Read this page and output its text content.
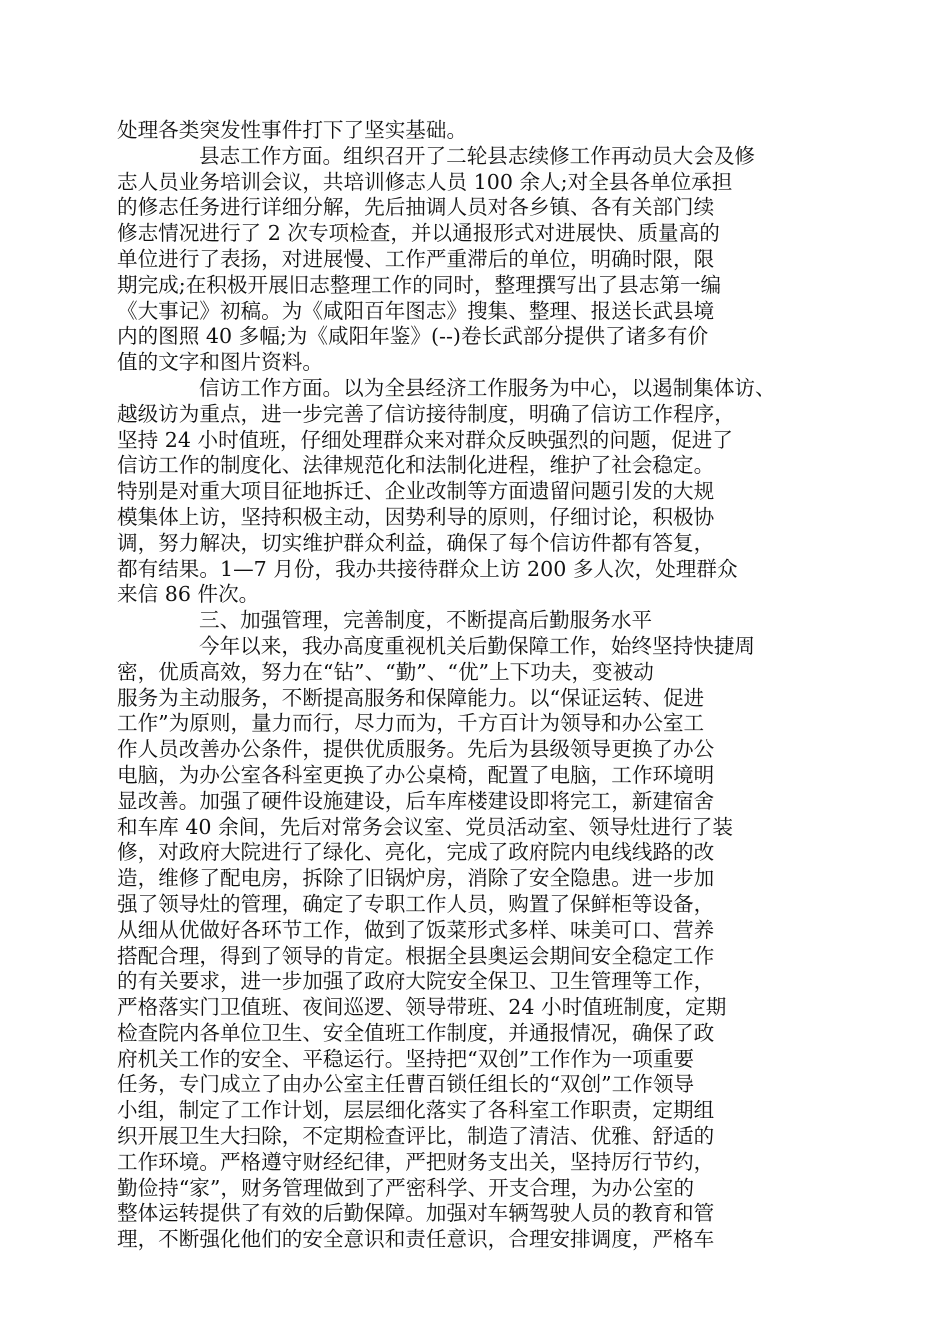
处理各类突发性事件打下了坚实基础。
县志工作方面。组织召开了二轮县志续修工作再动员大会及修
志人员业务培训会议，共培训修志人员 100 余人;对全县各单位承担
的修志任务进行详细分解，先后抽调人员对各乡镇、各有关部门续
修志情况进行了 2 次专项检查，并以通报形式对进展快、质量高的
单位进行了表扬，对进展慢、工作严重滞后的单位，明确时限，限
期完成;在积极开展旧志整理工作的同时，整理撰写出了县志第一编
《大事记》初稿。为《咸阳百年图志》搜集、整理、报送长武县境
内的图照 40 多幅;为《咸阳年鉴》(--)卷长武部分提供了诸多有价
值的文字和图片资料。
信访工作方面。以为全县经济工作服务为中心，以遏制集体访、
越级访为重点，进一步完善了信访接待制度，明确了信访工作程序，
坚持 24 小时值班，仔细处理群众来对群众反映强烈的问题，促进了
信访工作的制度化、法律规范化和法制化进程，维护了社会稳定。
特别是对重大项目征地拆迁、企业改制等方面遗留问题引发的大规
模集体上访，坚持积极主动，因势利导的原则，仔细讨论，积极协
调，努力解决，切实维护群众利益，确保了每个信访件都有答复，
都有结果。1—7 月份，我办共接待群众上访 200 多人次，处理群众
来信 86 件次。
三、加强管理，完善制度，不断提高后勤服务水平
今年以来，我办高度重视机关后勤保障工作，始终坚持快捷周
密，优质高效，努力在“钻”、“勤”、“优”上下功夫，变被动
服务为主动服务，不断提高服务和保障能力。以“保证运转、促进
工作”为原则，量力而行，尽力而为，千方百计为领导和办公室工
作人员改善办公条件，提供优质服务。先后为县级领导更换了办公
电脑，为办公室各科室更换了办公桌椅，配置了电脑，工作环境明
显改善。加强了硬件设施建设，后车库楼建设即将完工，新建宿舍
和车库 40 余间，先后对常务会议室、党员活动室、领导灶进行了装
修，对政府大院进行了绿化、亮化，完成了政府院内电线线路的改
造，维修了配电房，拆除了旧锅炉房，消除了安全隐患。进一步加
强了领导灶的管理，确定了专职工作人员，购置了保鲜柜等设备，
从细从优做好各环节工作，做到了饭菜形式多样、味美可口、营养
搭配合理，得到了领导的肯定。根据全县奥运会期间安全稳定工作
的有关要求，进一步加强了政府大院安全保卫、卫生管理等工作，
严格落实门卫值班、夜间巡逻、领导带班、24 小时值班制度，定期
检查院内各单位卫生、安全值班工作制度，并通报情况，确保了政
府机关工作的安全、平稳运行。坚持把“双创”工作作为一项重要
任务，专门成立了由办公室主任曹百锁任组长的“双创”工作领导
小组，制定了工作计划，层层细化落实了各科室工作职责，定期组
织开展卫生大扫除，不定期检查评比，制造了清洁、优雅、舒适的
工作环境。严格遵守财经纪律，严把财务支出关，坚持厉行节约，
勤俭持“家”，财务管理做到了严密科学、开支合理，为办公室的
整体运转提供了有效的后勤保障。加强对车辆驾驶人员的教育和管
理，不断强化他们的安全意识和责任意识，合理安排调度，严格车
